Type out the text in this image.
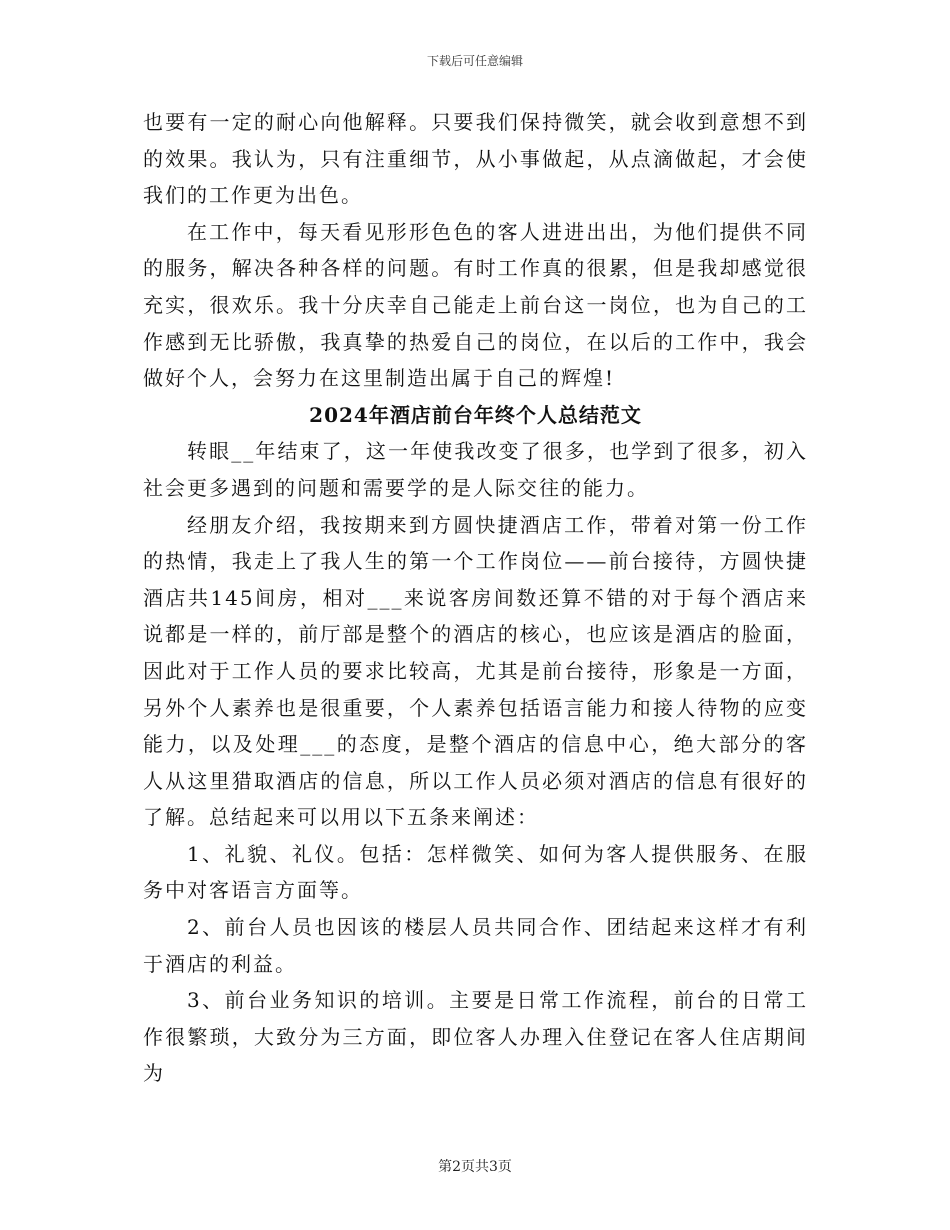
下载后可任意编辑

也要有一定的耐心向他解释。只要我们保持微笑，就会收到意想不到的效果。我认为，只有注重细节，从小事做起，从点滴做起，才会使我们的工作更为出色。

在工作中，每天看见形形色色的客人进进出出，为他们提供不同的服务，解决各种各样的问题。有时工作真的很累，但是我却感觉很充实，很欢乐。我十分庆幸自己能走上前台这一岗位，也为自己的工作感到无比骄傲，我真挚的热爱自己的岗位，在以后的工作中，我会做好个人，会努力在这里制造出属于自己的辉煌!

2024年酒店前台年终个人总结范文

转眼__年结束了，这一年使我改变了很多，也学到了很多，初入社会更多遇到的问题和需要学的是人际交往的能力。

经朋友介绍，我按期来到方圆快捷酒店工作，带着对第一份工作的热情，我走上了我人生的第一个工作岗位——前台接待，方圆快捷酒店共145间房，相对___来说客房间数还算不错的对于每个酒店来说都是一样的，前厅部是整个的酒店的核心，也应该是酒店的脸面，因此对于工作人员的要求比较高，尤其是前台接待，形象是一方面，另外个人素养也是很重要，个人素养包括语言能力和接人待物的应变能力，以及处理___的态度，是整个酒店的信息中心，绝大部分的客人从这里猎取酒店的信息，所以工作人员必须对酒店的信息有很好的了解。总结起来可以用以下五条来阐述：

1、礼貌、礼仪。包括：怎样微笑、如何为客人提供服务、在服务中对客语言方面等。

2、前台人员也因该的楼层人员共同合作、团结起来这样才有利于酒店的利益。

3、前台业务知识的培训。主要是日常工作流程，前台的日常工作很繁琐，大致分为三方面，即位客人办理入住登记在客人住店期间为

第2页共3页
